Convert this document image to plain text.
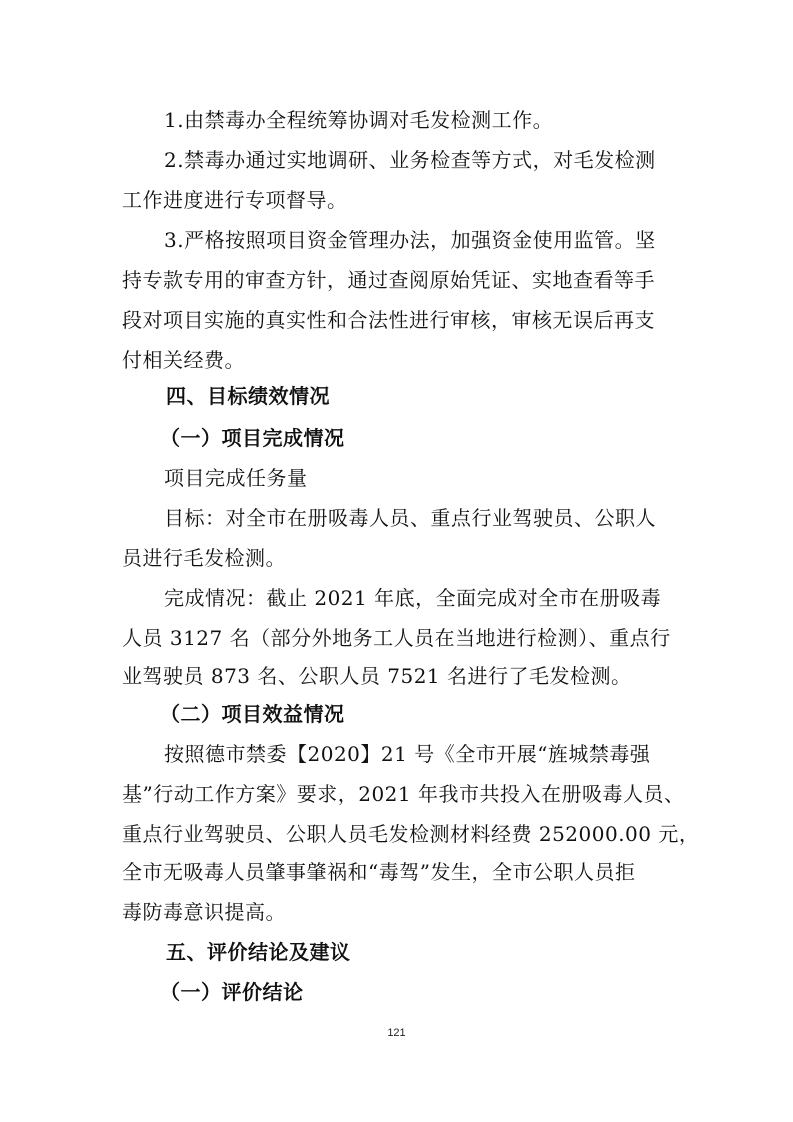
1.由禁毒办全程统筹协调对毛发检测工作。
2.禁毒办通过实地调研、业务检查等方式，对毛发检测
工作进度进行专项督导。
3.严格按照项目资金管理办法，加强资金使用监管。坚
持专款专用的审查方针，通过查阅原始凭证、实地查看等手
段对项目实施的真实性和合法性进行审核，审核无误后再支
付相关经费。
四、目标绩效情况
（一）项目完成情况
项目完成任务量
目标：对全市在册吸毒人员、重点行业驾驶员、公职人
员进行毛发检测。
完成情况：截止 2021 年底，全面完成对全市在册吸毒
人员 3127 名（部分外地务工人员在当地进行检测）、重点行
业驾驶员 873 名、公职人员 7521 名进行了毛发检测。
（二）项目效益情况
按照德市禁委【2020】21 号《全市开展“旌城禁毒强
基”行动工作方案》要求，2021 年我市共投入在册吸毒人员、
重点行业驾驶员、公职人员毛发检测材料经费 252000.00 元，
全市无吸毒人员肇事肇祸和“毒驾”发生，全市公职人员拒
毒防毒意识提高。
五、评价结论及建议
（一）评价结论
121
